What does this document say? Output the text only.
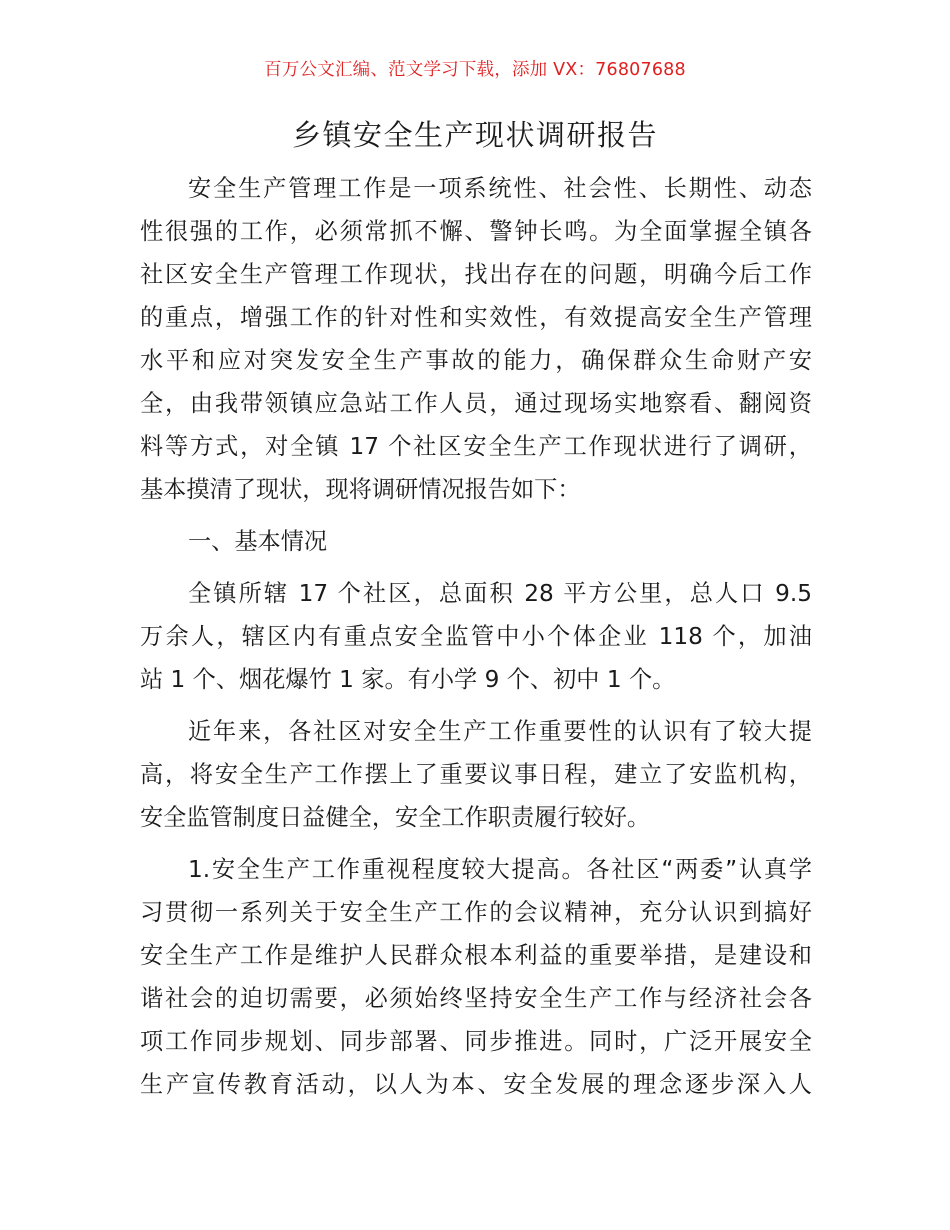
百万公文汇编、范文学习下载，添加 VX：76807688
乡镇安全生产现状调研报告
安全生产管理工作是一项系统性、社会性、长期性、动态
性很强的工作，必须常抓不懈、警钟长鸣。为全面掌握全镇各
社区安全生产管理工作现状，找出存在的问题，明确今后工作
的重点，增强工作的针对性和实效性，有效提高安全生产管理
水平和应对突发安全生产事故的能力，确保群众生命财产安
全，由我带领镇应急站工作人员，通过现场实地察看、翻阅资
料等方式，对全镇 17 个社区安全生产工作现状进行了调研，
基本摸清了现状，现将调研情况报告如下：
一、基本情况
全镇所辖 17 个社区，总面积 28 平方公里，总人口 9.5
万余人，辖区内有重点安全监管中小个体企业 118 个，加油
站 1 个、烟花爆竹 1 家。有小学 9 个、初中 1 个。
近年来，各社区对安全生产工作重要性的认识有了较大提
高，将安全生产工作摆上了重要议事日程，建立了安监机构，
安全监管制度日益健全，安全工作职责履行较好。
1.安全生产工作重视程度较大提高。各社区“两委”认真学
习贯彻一系列关于安全生产工作的会议精神，充分认识到搞好
安全生产工作是维护人民群众根本利益的重要举措，是建设和
谐社会的迫切需要，必须始终坚持安全生产工作与经济社会各
项工作同步规划、同步部署、同步推进。同时，广泛开展安全
生产宣传教育活动，以人为本、安全发展的理念逐步深入人
